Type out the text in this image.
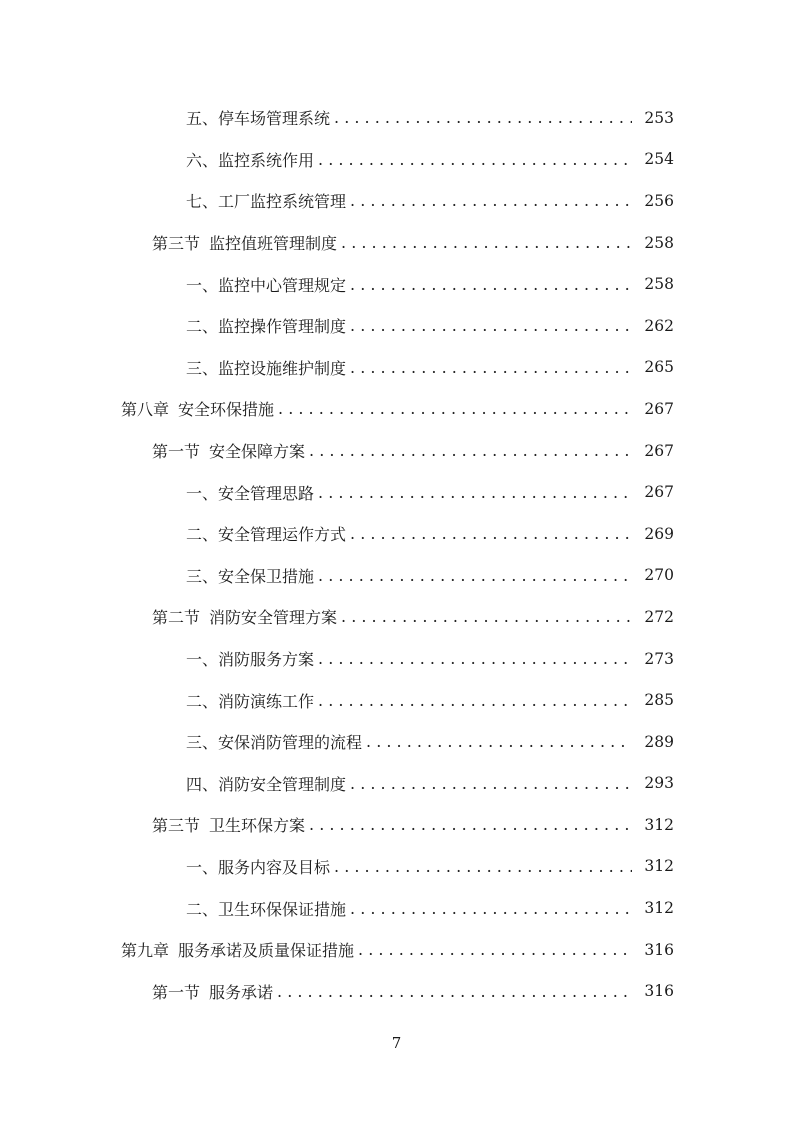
五、停车场管理系统 . . .	253
六、监控系统作用 . . .	254
七、工厂监控系统管理 . . .	256
第三节 监控值班管理制度 . . .	258
一、监控中心管理规定 . . .	258
二、监控操作管理制度 . . .	262
三、监控设施维护制度 . . .	265
第八章 安全环保措施 . . .	267
第一节 安全保障方案 . . .	267
一、安全管理思路 . . .	267
二、安全管理运作方式 . . .	269
三、安全保卫措施 . . .	270
第二节 消防安全管理方案 . . .	272
一、消防服务方案 . . .	273
二、消防演练工作 . . .	285
三、安保消防管理的流程 . . .	289
四、消防安全管理制度 . . .	293
第三节 卫生环保方案 . . .	312
一、服务内容及目标 . . .	312
二、卫生环保保证措施 . . .	312
第九章 服务承诺及质量保证措施 . . .	316
第一节 服务承诺 . . .	316
7
